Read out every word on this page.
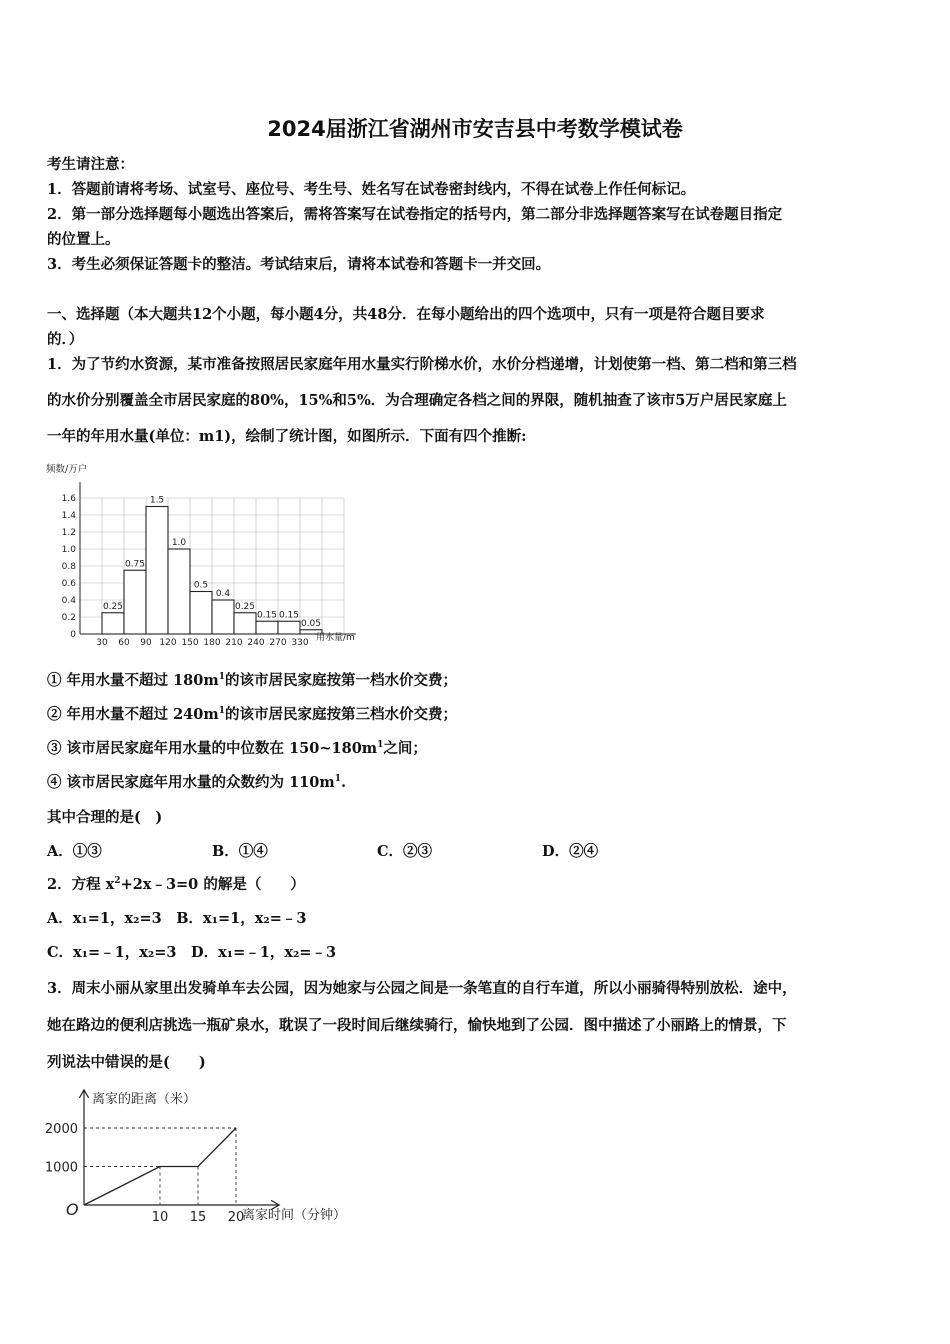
2024届浙江省湖州市安吉县中考数学模试卷
考生请注意：
1．答题前请将考场、试室号、座位号、考生号、姓名写在试卷密封线内，不得在试卷上作任何标记。
2．第一部分选择题每小题选出答案后，需将答案写在试卷指定的括号内，第二部分非选择题答案写在试卷题目指定
的位置上。
3．考生必须保证答题卡的整洁。考试结束后，请将本试卷和答题卡一并交回。
一、选择题（本大题共12个小题，每小题4分，共48分．在每小题给出的四个选项中，只有一项是符合题目要求
的．）
1．为了节约水资源，某市准备按照居民家庭年用水量实行阶梯水价，水价分档递增，计划使第一档、第二档和第三档
的水价分别覆盖全市居民家庭的80%，15%和5%．为合理确定各档之间的界限，随机抽查了该市5万户居民家庭上
一年的年用水量(单位：m1)，绘制了统计图，如图所示．下面有四个推断:
频数/万户
0
0.2
0.4
0.6
0.8
1.0
1.2
1.4
1.6
0.25
0.75
1.5
1.0
0.5
0.4
0.25
0.15 0.15
0.05
30 60 90 120 150 180 210 240 270 330 用水量/m
① 年用水量不超过 $180m^1$的该市居民家庭按第一档水价交费；
② 年用水量不超过 $240m^1$的该市居民家庭按第三档水价交费；
③ 该市居民家庭年用水量的中位数在 $150\sim 180m^1$之间；
④ 该市居民家庭年用水量的众数约为 $110m^1$.
其中合理的是(　)
A．①③	B．①④	C．②③	D．②④
2．方程 $x^2+2x﹣3=0$ 的解是（　　）
A．x₁=1，x₂=3　B．x₁=1，x₂=﹣3
C．x₁=﹣1，x₂=3　D．x₁=﹣1，x₂=﹣3
3．周末小丽从家里出发骑单车去公园，因为她家与公园之间是一条笔直的自行车道，所以小丽骑得特别放松．途中，
她在路边的便利店挑选一瓶矿泉水，耽误了一段时间后继续骑行，愉快地到了公园．图中描述了小丽路上的情景，下
列说法中错误的是(　　)
离家的距离（米）
离家时间（分钟）
O	10 15 20
1000
2000
